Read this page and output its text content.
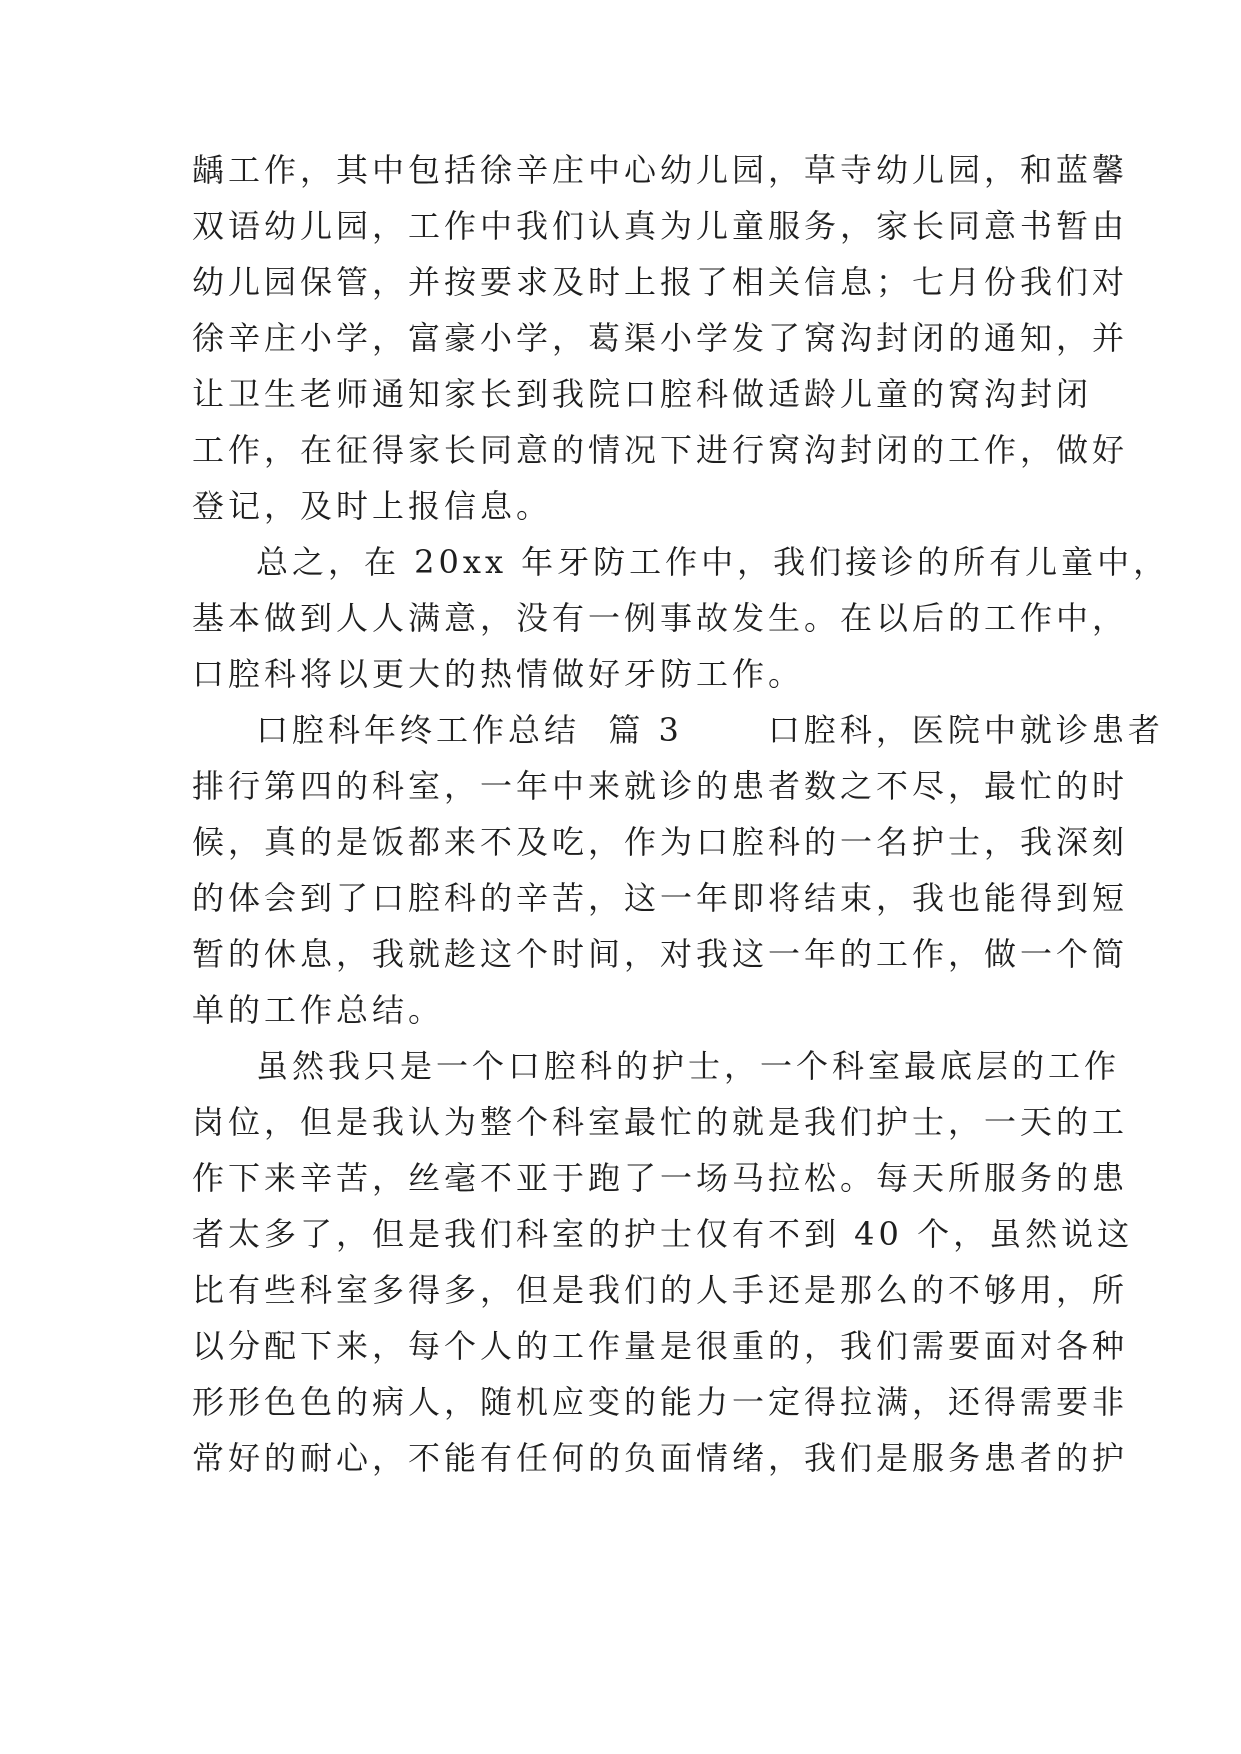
龋工作，其中包括徐辛庄中心幼儿园，草寺幼儿园，和蓝馨
双语幼儿园，工作中我们认真为儿童服务，家长同意书暂由
幼儿园保管，并按要求及时上报了相关信息；七月份我们对
徐辛庄小学，富豪小学，葛渠小学发了窝沟封闭的通知，并
让卫生老师通知家长到我院口腔科做适龄儿童的窝沟封闭
工作，在征得家长同意的情况下进行窝沟封闭的工作，做好
登记，及时上报信息。
总之，在 20xx 年牙防工作中，我们接诊的所有儿童中，
基本做到人人满意，没有一例事故发生。在以后的工作中，
口腔科将以更大的热情做好牙防工作。
口腔科年终工作总结  篇 3      口腔科，医院中就诊患者
排行第四的科室，一年中来就诊的患者数之不尽，最忙的时
候，真的是饭都来不及吃，作为口腔科的一名护士，我深刻
的体会到了口腔科的辛苦，这一年即将结束，我也能得到短
暂的休息，我就趁这个时间，对我这一年的工作，做一个简
单的工作总结。
虽然我只是一个口腔科的护士，一个科室最底层的工作
岗位，但是我认为整个科室最忙的就是我们护士，一天的工
作下来辛苦，丝毫不亚于跑了一场马拉松。每天所服务的患
者太多了，但是我们科室的护士仅有不到 40 个，虽然说这
比有些科室多得多，但是我们的人手还是那么的不够用，所
以分配下来，每个人的工作量是很重的，我们需要面对各种
形形色色的病人，随机应变的能力一定得拉满，还得需要非
常好的耐心，不能有任何的负面情绪，我们是服务患者的护
